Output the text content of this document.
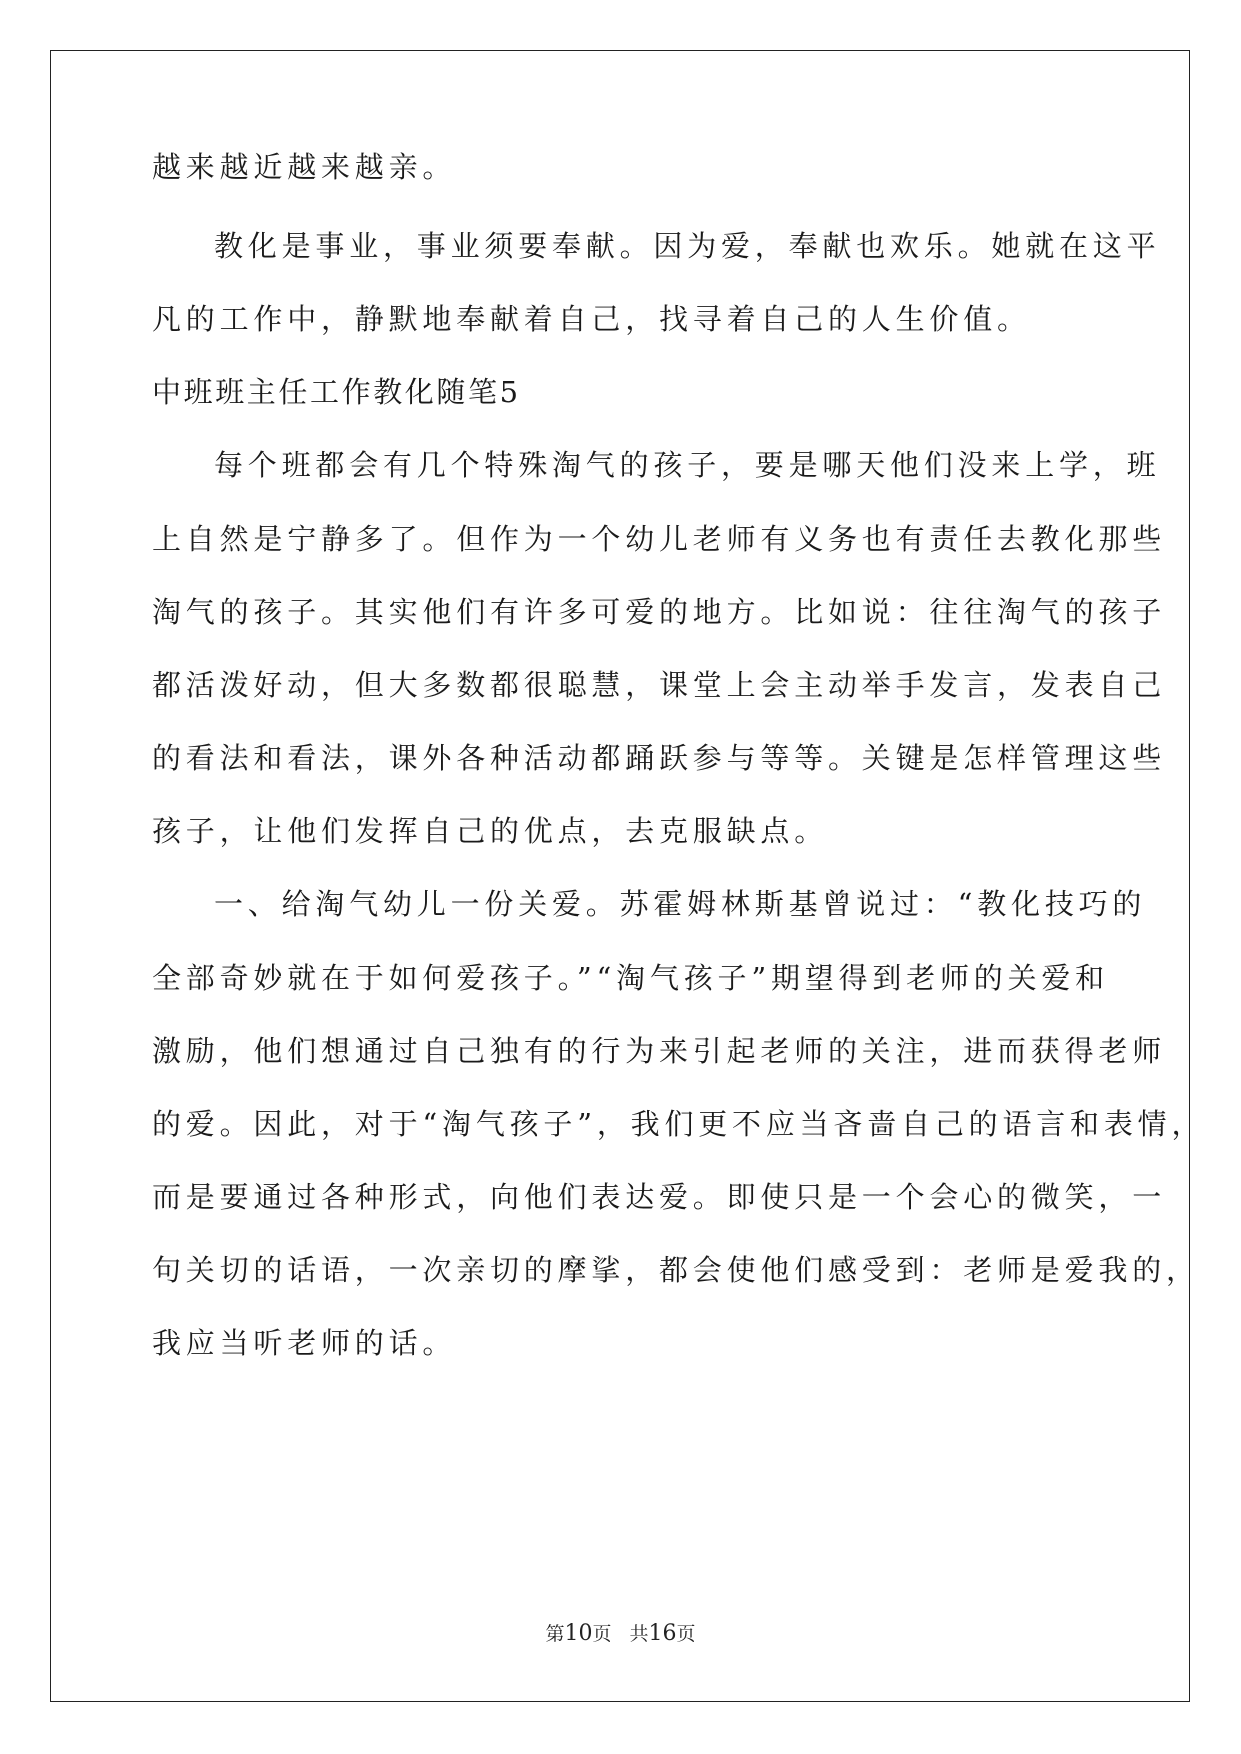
越来越近越来越亲。
教化是事业，事业须要奉献。因为爱，奉献也欢乐。她就在这平
凡的工作中，静默地奉献着自己，找寻着自己的人生价值。
中班班主任工作教化随笔5
每个班都会有几个特殊淘气的孩子，要是哪天他们没来上学，班
上自然是宁静多了。但作为一个幼儿老师有义务也有责任去教化那些
淘气的孩子。其实他们有许多可爱的地方。比如说：往往淘气的孩子
都活泼好动，但大多数都很聪慧，课堂上会主动举手发言，发表自己
的看法和看法，课外各种活动都踊跃参与等等。关键是怎样管理这些
孩子，让他们发挥自己的优点，去克服缺点。
一、给淘气幼儿一份关爱。苏霍姆林斯基曾说过：“教化技巧的
全部奇妙就在于如何爱孩子。”“淘气孩子”期望得到老师的关爱和
激励，他们想通过自己独有的行为来引起老师的关注，进而获得老师
的爱。因此，对于“淘气孩子”，我们更不应当吝啬自己的语言和表情，
而是要通过各种形式，向他们表达爱。即使只是一个会心的微笑，一
句关切的话语，一次亲切的摩挲，都会使他们感受到：老师是爱我的，
我应当听老师的话。
第10页 共16页
